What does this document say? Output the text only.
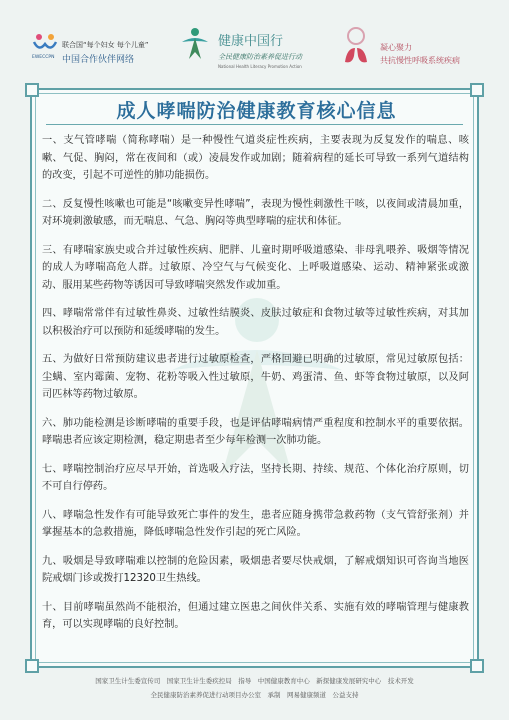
EWECCPN
联合国“每个妇女 每个儿童”
中国合作伙伴网络
健康中国行
全民健康防治素养促进行动
National Health Literacy Promotion Action
凝心聚力
共抗慢性呼吸系统疾病
成人哮喘防治健康教育核心信息

一、支气管哮喘（简称哮喘）是一种慢性气道炎症性疾病，主要表现为反复发作的喘息、咳嗽、气促、胸闷，常在夜间和（或）凌晨发作或加剧；随着病程的延长可导致一系列气道结构的改变，引起不可逆性的肺功能损伤。

二、反复慢性咳嗽也可能是“咳嗽变异性哮喘”，表现为慢性刺激性干咳，以夜间或清晨加重，对环境刺激敏感，而无喘息、气急、胸闷等典型哮喘的症状和体征。

三、有哮喘家族史或合并过敏性疾病、肥胖、儿童时期呼吸道感染、非母乳喂养、吸烟等情况的成人为哮喘高危人群。过敏原、冷空气与气候变化、上呼吸道感染、运动、精神紧张或激动、服用某些药物等诱因可导致哮喘突然发作或加重。

四、哮喘常常伴有过敏性鼻炎、过敏性结膜炎、皮肤过敏症和食物过敏等过敏性疾病，对其加以积极治疗可以预防和延缓哮喘的发生。

五、为做好日常预防建议患者进行过敏原检查，严格回避已明确的过敏原，常见过敏原包括：尘螨、室内霉菌、宠物、花粉等吸入性过敏原，牛奶、鸡蛋清、鱼、虾等食物过敏原，以及阿司匹林等药物过敏原。

六、肺功能检测是诊断哮喘的重要手段，也是评估哮喘病情严重程度和控制水平的重要依据。哮喘患者应该定期检测，稳定期患者至少每年检测一次肺功能。

七、哮喘控制治疗应尽早开始，首选吸入疗法，坚持长期、持续、规范、个体化治疗原则，切不可自行停药。

八、哮喘急性发作有可能导致死亡事件的发生，患者应随身携带急救药物（支气管舒张剂）并掌握基本的急救措施，降低哮喘急性发作引起的死亡风险。

九、吸烟是导致哮喘难以控制的危险因素，吸烟患者要尽快戒烟，了解戒烟知识可咨询当地医院戒烟门诊或拨打12320卫生热线。

十、目前哮喘虽然尚不能根治，但通过建立医患之间伙伴关系、实施有效的哮喘管理与健康教育，可以实现哮喘的良好控制。

国家卫生计生委宣传司　国家卫生计生委疾控局　指导　中国健康教育中心　新探健康发展研究中心　技术开发
全民健康防治素养促进行动项目办公室　承制　网易健康频道　公益支持
